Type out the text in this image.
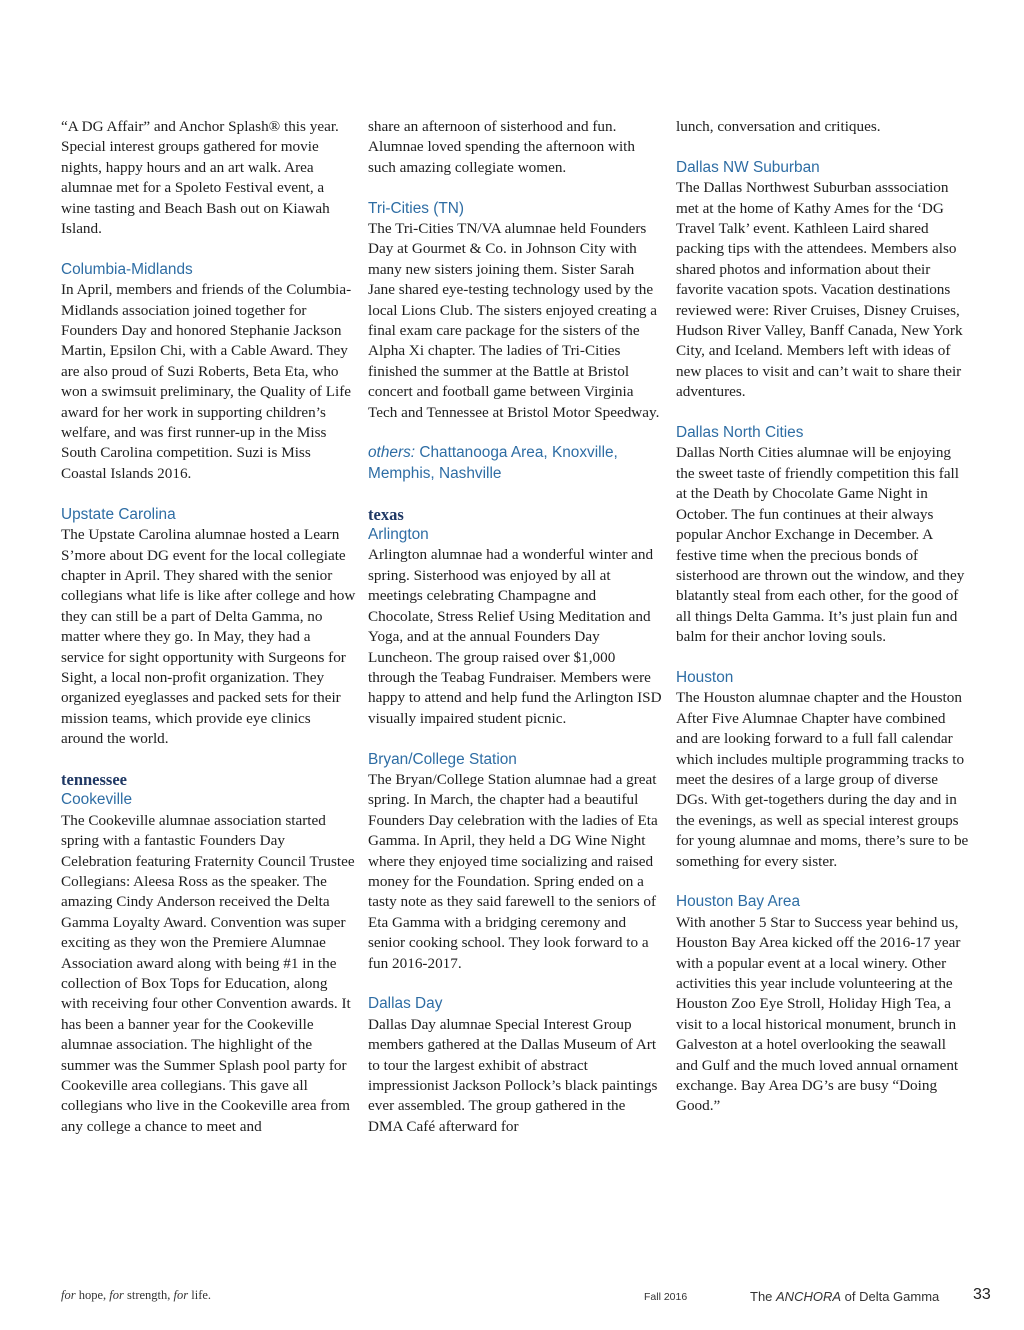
“A DG Affair” and Anchor Splash® this year. Special interest groups gathered for movie nights, happy hours and an art walk. Area alumnae met for a Spoleto Festival event, a wine tasting and Beach Bash out on Kiawah Island.

Columbia-Midlands
In April, members and friends of the Columbia-Midlands association joined together for Founders Day and honored Stephanie Jackson Martin, Epsilon Chi, with a Cable Award. They are also proud of Suzi Roberts, Beta Eta, who won a swimsuit preliminary, the Quality of Life award for her work in supporting children’s welfare, and was first runner-up in the Miss South Carolina competition. Suzi is Miss Coastal Islands 2016.
Upstate Carolina
The Upstate Carolina alumnae hosted a Learn S’more about DG event for the local collegiate chapter in April. They shared with the senior collegians what life is like after college and how they can still be a part of Delta Gamma, no matter where they go. In May, they had a service for sight opportunity with Surgeons for Sight, a local non-profit organization. They organized eyeglasses and packed sets for their mission teams, which provide eye clinics around the world.
tennessee
Cookeville
The Cookeville alumnae association started spring with a fantastic Founders Day Celebration featuring Fraternity Council Trustee Collegians: Aleesa Ross as the speaker. The amazing Cindy Anderson received the Delta Gamma Loyalty Award. Convention was super exciting as they won the Premiere Alumnae Association award along with being #1 in the collection of Box Tops for Education, along with receiving four other Convention awards. It has been a banner year for the Cookeville alumnae association. The highlight of the summer was the Summer Splash pool party for Cookeville area collegians. This gave all collegians who live in the Cookeville area from any college a chance to meet and

share an afternoon of sisterhood and fun. Alumnae loved spending the afternoon with such amazing collegiate women.

Tri-Cities (TN)
The Tri-Cities TN/VA alumnae held Founders Day at Gourmet & Co. in Johnson City with many new sisters joining them. Sister Sarah Jane shared eye-testing technology used by the local Lions Club. The sisters enjoyed creating a final exam care package for the sisters of the Alpha Xi chapter. The ladies of Tri-Cities finished the summer at the Battle at Bristol concert and football game between Virginia Tech and Tennessee at Bristol Motor Speedway.
others: Chattanooga Area, Knoxville, Memphis, Nashville
texas
Arlington
Arlington alumnae had a wonderful winter and spring. Sisterhood was enjoyed by all at meetings celebrating Champagne and Chocolate, Stress Relief Using Meditation and Yoga, and at the annual Founders Day Luncheon. The group raised over $1,000 through the Teabag Fundraiser. Members were happy to attend and help fund the Arlington ISD visually impaired student picnic.
Bryan/College Station
The Bryan/College Station alumnae had a great spring. In March, the chapter had a beautiful Founders Day celebration with the ladies of Eta Gamma. In April, they held a DG Wine Night where they enjoyed time socializing and raised money for the Foundation. Spring ended on a tasty note as they said farewell to the seniors of Eta Gamma with a bridging ceremony and senior cooking school. They look forward to a fun 2016-2017.
Dallas Day
Dallas Day alumnae Special Interest Group members gathered at the Dallas Museum of Art to tour the largest exhibit of abstract impressionist Jackson Pollock’s black paintings ever assembled. The group gathered in the DMA Café afterward for

lunch, conversation and critiques.

Dallas NW Suburban
The Dallas Northwest Suburban asssociation met at the home of Kathy Ames for the ‘DG Travel Talk’ event. Kathleen Laird shared packing tips with the attendees. Members also shared photos and information about their favorite vacation spots. Vacation destinations reviewed were: River Cruises, Disney Cruises, Hudson River Valley, Banff Canada, New York City, and Iceland. Members left with ideas of new places to visit and can’t wait to share their adventures.
Dallas North Cities
Dallas North Cities alumnae will be enjoying the sweet taste of friendly competition this fall at the Death by Chocolate Game Night in October. The fun continues at their always popular Anchor Exchange in December. A festive time when the precious bonds of sisterhood are thrown out the window, and they blatantly steal from each other, for the good of all things Delta Gamma. It’s just plain fun and balm for their anchor loving souls.
Houston
The Houston alumnae chapter and the Houston After Five Alumnae Chapter have combined and are looking forward to a full fall calendar which includes multiple programming tracks to meet the desires of a large group of diverse DGs. With get-togethers during the day and in the evenings, as well as special interest groups for young alumnae and moms, there’s sure to be something for every sister.
Houston Bay Area
With another 5 Star to Success year behind us, Houston Bay Area kicked off the 2016-17 year with a popular event at a local winery. Other activities this year include volunteering at the Houston Zoo Eye Stroll, Holiday High Tea, a visit to a local historical monument, brunch in Galveston at a hotel overlooking the seawall and Gulf and the much loved annual ornament exchange. Bay Area DG’s are busy “Doing Good.”
for hope, for strength, for life.	Fall 2016	The ANCHORA of Delta Gamma 33
